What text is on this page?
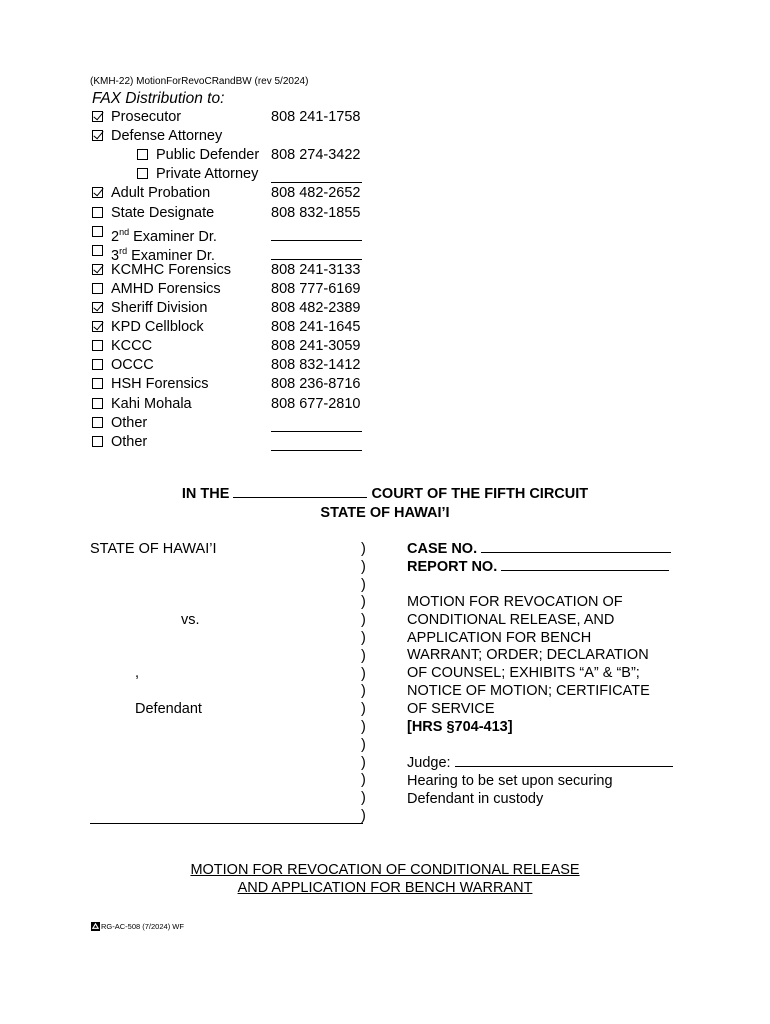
(KMH-22) MotionForRevoCRandBW (rev 5/2024)
FAX Distribution to:
Prosecutor	808 241-1758
Defense Attorney
Public Defender 808 274-3422
Private Attorney
Adult Probation	808 482-2652
State Designate	808 832-1855
2nd Examiner Dr.
3rd Examiner Dr.
KCMHC Forensics	808 241-3133
AMHD Forensics	808 777-6169
Sheriff Division	808 482-2389
KPD Cellblock	808 241-1645
KCCC	808 241-3059
OCCC	808 832-1412
HSH Forensics	808 236-8716
Kahi Mohala	808 677-2810
Other
Other
IN THE	COURT OF THE FIFTH CIRCUIT
STATE OF HAWAI’I
STATE OF HAWAI’I
vs.
,
Defendant
)
)
)
)
)
)
)
)
)
)
)
)
)
)
)
)
CASE NO.
REPORT NO.
MOTION FOR REVOCATION OF
CONDITIONAL RELEASE, AND
APPLICATION FOR BENCH
WARRANT; ORDER; DECLARATION
OF COUNSEL; EXHIBITS “A” & “B”;
NOTICE OF MOTION; CERTIFICATE
OF SERVICE
[HRS §704-413]
Judge:
Hearing to be set upon securing
Defendant in custody
MOTION FOR REVOCATION OF CONDITIONAL RELEASE
AND APPLICATION FOR BENCH WARRANT
RG-AC-508 (7/2024) WF
